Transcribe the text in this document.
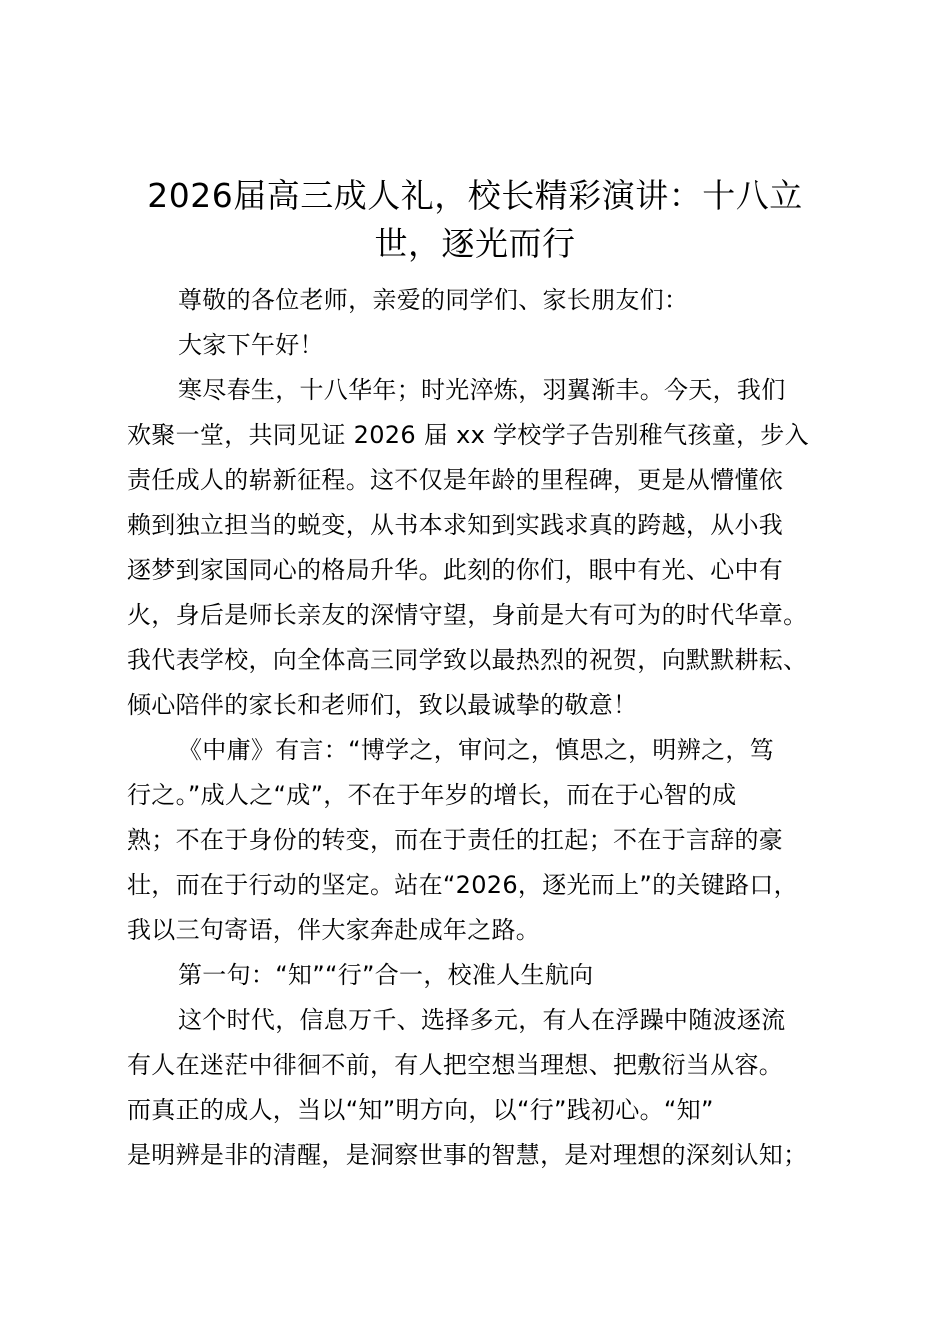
2026届高三成人礼，校长精彩演讲：十八立
世，逐光而行
尊敬的各位老师，亲爱的同学们、家长朋友们：
大家下午好！
寒尽春生，十八华年；时光淬炼，羽翼渐丰。今天，我们
欢聚一堂，共同见证 2026 届 xx 学校学子告别稚气孩童，步入
责任成人的崭新征程。这不仅是年龄的里程碑，更是从懵懂依
赖到独立担当的蜕变，从书本求知到实践求真的跨越，从小我
逐梦到家国同心的格局升华。此刻的你们，眼中有光、心中有
火，身后是师长亲友的深情守望，身前是大有可为的时代华章。
我代表学校，向全体高三同学致以最热烈的祝贺，向默默耕耘、
倾心陪伴的家长和老师们，致以最诚挚的敬意！
《中庸》有言：“博学之，审问之，慎思之，明辨之，笃
行之。”成人之“成”，不在于年岁的增长，而在于心智的成
熟；不在于身份的转变，而在于责任的扛起；不在于言辞的豪
壮，而在于行动的坚定。站在“2026，逐光而上”的关键路口，
我以三句寄语，伴大家奔赴成年之路。
第一句：“知”“行”合一，校准人生航向
这个时代，信息万千、选择多元，有人在浮躁中随波逐流
有人在迷茫中徘徊不前，有人把空想当理想、把敷衍当从容。
而真正的成人，当以“知”明方向，以“行”践初心。“知”
是明辨是非的清醒，是洞察世事的智慧，是对理想的深刻认知；
